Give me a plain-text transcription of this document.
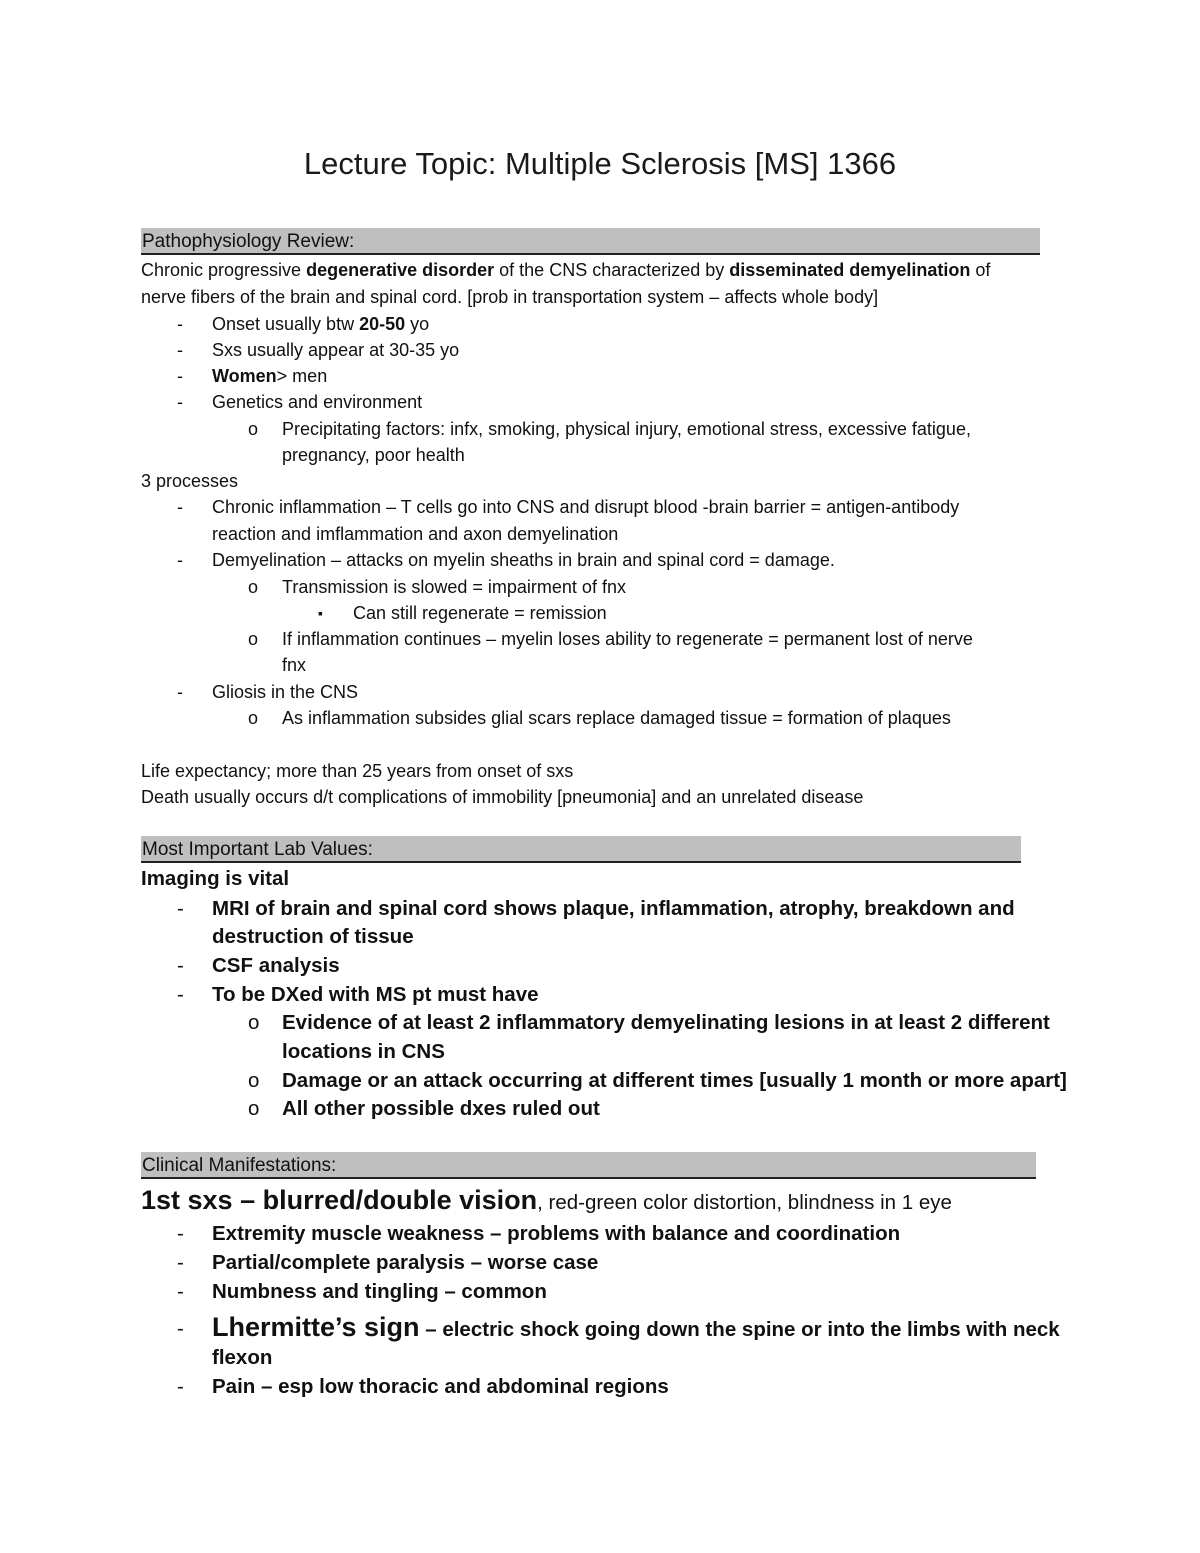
Lecture Topic: Multiple Sclerosis [MS] 1366
Pathophysiology Review:
Chronic progressive degenerative disorder of the CNS characterized by disseminated demyelination of
nerve fibers of the brain and spinal cord. [prob in transportation system – affects whole body]
- Onset usually btw 20-50 yo
- Sxs usually appear at 30-35 yo
- Women> men
- Genetics and environment
o Precipitating factors: infx, smoking, physical injury, emotional stress, excessive fatigue,
pregnancy, poor health
3 processes
- Chronic inflammation – T cells go into CNS and disrupt blood -brain barrier = antigen-antibody
reaction and imflammation and axon demyelination
- Demyelination – attacks on myelin sheaths in brain and spinal cord = damage.
o Transmission is slowed = impairment of fnx
▪ Can still regenerate = remission
o If inflammation continues – myelin loses ability to regenerate = permanent lost of nerve
fnx
- Gliosis in the CNS
o As inflammation subsides glial scars replace damaged tissue = formation of plaques
Life expectancy; more than 25 years from onset of sxs
Death usually occurs d/t complications of immobility [pneumonia] and an unrelated disease
Most Important Lab Values:
Imaging is vital
- MRI of brain and spinal cord shows plaque, inflammation, atrophy, breakdown and
destruction of tissue
- CSF analysis
- To be DXed with MS pt must have
o Evidence of at least 2 inflammatory demyelinating lesions in at least 2 different
locations in CNS
o Damage or an attack occurring at different times [usually 1 month or more apart]
o All other possible dxes ruled out
Clinical Manifestations:
1st sxs – blurred/double vision, red-green color distortion, blindness in 1 eye
- Extremity muscle weakness – problems with balance and coordination
- Partial/complete paralysis – worse case
- Numbness and tingling – common
- Lhermitte’s sign – electric shock going down the spine or into the limbs with neck
flexon
- Pain – esp low thoracic and abdominal regions
